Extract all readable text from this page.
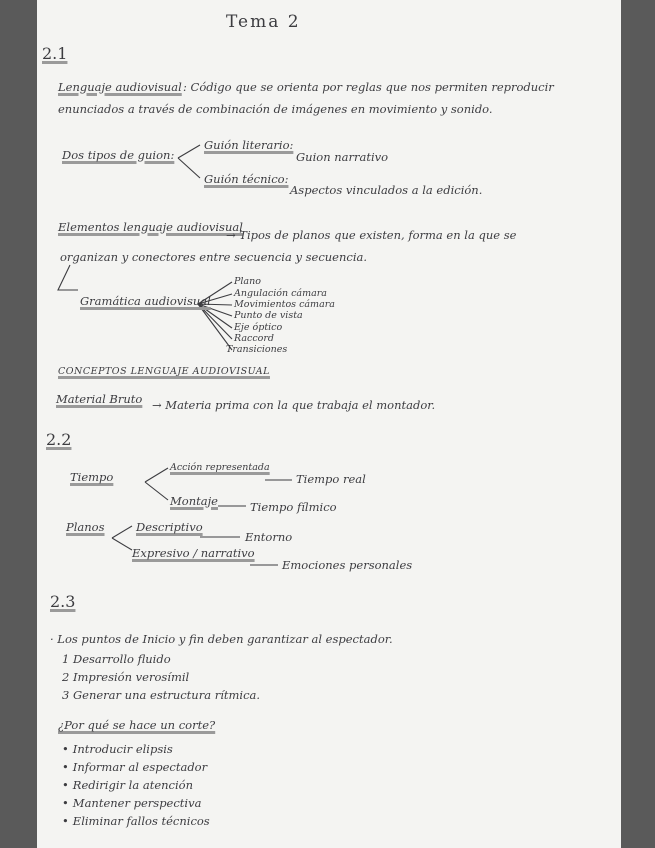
Tema 2
2.1
Lenguaje audiovisual : Código que se orienta por reglas que nos permiten reproducir
enunciados a través de combinación de imágenes en movimiento y sonido.
Dos tipos de guion:
Guión literario:
Guion narrativo
Guión técnico:
Aspectos vinculados a la edición.
Elementos lenguaje audiovisual
→ Tipos de planos que existen, forma en la que se
organizan y conectores entre secuencia y secuencia.
Gramática audiovisual
Plano
Angulación cámara
Movimientos cámara
Punto de vista
Eje óptico
Raccord
Transiciones
CONCEPTOS LENGUAJE AUDIOVISUAL
Material Bruto → Materia prima con la que trabaja el montador.
2.2
Tiempo
Acción representada
Tiempo real
Montaje	Tiempo fílmico
Planos	Descriptivo
Entorno
Expresivo / narrativo
Emociones personales
2.3
· Los puntos de Inicio y fin deben garantizar al espectador.
1 Desarrollo fluido
2 Impresión verosímil
3 Generar una estructura rítmica.
¿Por qué se hace un corte?
• Introducir elipsis
• Informar al espectador
• Redirigir la atención
• Mantener perspectiva
• Eliminar fallos técnicos
